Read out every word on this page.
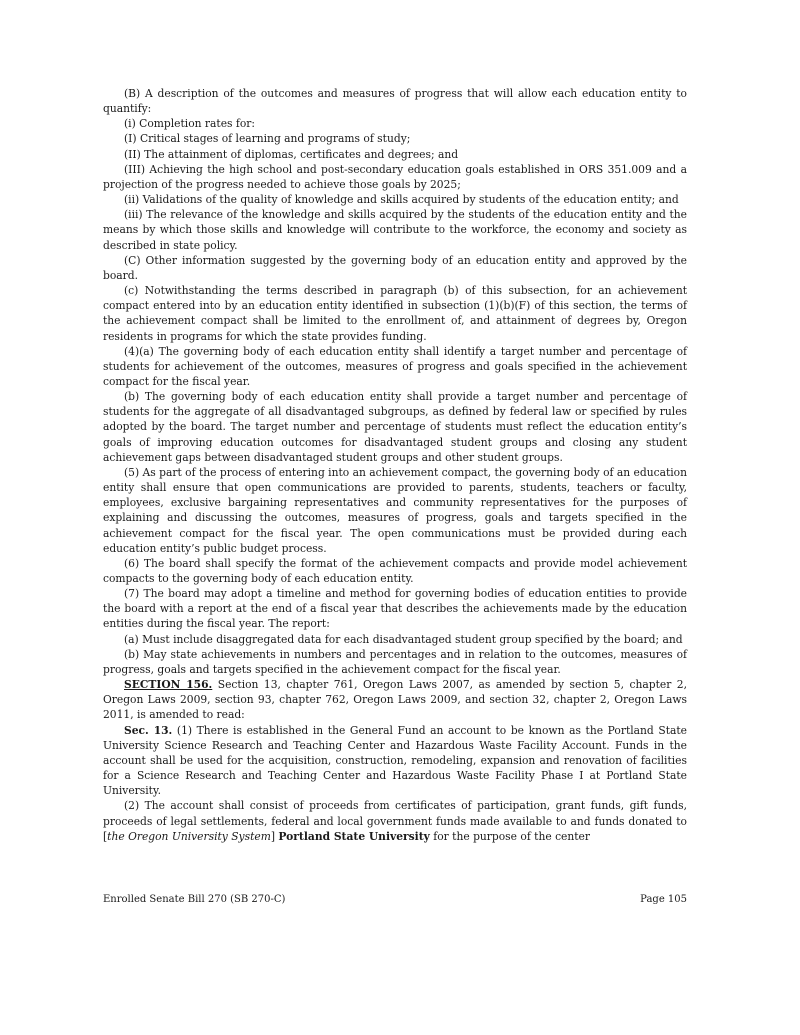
(B) A description of the outcomes and measures of progress that will allow each education entity to quantify:

(i) Completion rates for:

(I) Critical stages of learning and programs of study;

(II) The attainment of diplomas, certificates and degrees; and

(III) Achieving the high school and post-secondary education goals established in ORS 351.009 and a projection of the progress needed to achieve those goals by 2025;

(ii) Validations of the quality of knowledge and skills acquired by students of the education entity; and

(iii) The relevance of the knowledge and skills acquired by the students of the education entity and the means by which those skills and knowledge will contribute to the workforce, the economy and society as described in state policy.

(C) Other information suggested by the governing body of an education entity and approved by the board.

(c) Notwithstanding the terms described in paragraph (b) of this subsection, for an achievement compact entered into by an education entity identified in subsection (1)(b)(F) of this section, the terms of the achievement compact shall be limited to the enrollment of, and attainment of degrees by, Oregon residents in programs for which the state provides funding.

(4)(a) The governing body of each education entity shall identify a target number and percentage of students for achievement of the outcomes, measures of progress and goals specified in the achievement compact for the fiscal year.

(b) The governing body of each education entity shall provide a target number and percentage of students for the aggregate of all disadvantaged subgroups, as defined by federal law or specified by rules adopted by the board. The target number and percentage of students must reflect the education entity’s goals of improving education outcomes for disadvantaged student groups and closing any student achievement gaps between disadvantaged student groups and other student groups.

(5) As part of the process of entering into an achievement compact, the governing body of an education entity shall ensure that open communications are provided to parents, students, teachers or faculty, employees, exclusive bargaining representatives and community representatives for the purposes of explaining and discussing the outcomes, measures of progress, goals and targets specified in the achievement compact for the fiscal year. The open communications must be provided during each education entity’s public budget process.

(6) The board shall specify the format of the achievement compacts and provide model achievement compacts to the governing body of each education entity.

(7) The board may adopt a timeline and method for governing bodies of education entities to provide the board with a report at the end of a fiscal year that describes the achievements made by the education entities during the fiscal year. The report:

(a) Must include disaggregated data for each disadvantaged student group specified by the board; and

(b) May state achievements in numbers and percentages and in relation to the outcomes, measures of progress, goals and targets specified in the achievement compact for the fiscal year.

SECTION 156. Section 13, chapter 761, Oregon Laws 2007, as amended by section 5, chapter 2, Oregon Laws 2009, section 93, chapter 762, Oregon Laws 2009, and section 32, chapter 2, Oregon Laws 2011, is amended to read:

Sec. 13. (1) There is established in the General Fund an account to be known as the Portland State University Science Research and Teaching Center and Hazardous Waste Facility Account. Funds in the account shall be used for the acquisition, construction, remodeling, expansion and renovation of facilities for a Science Research and Teaching Center and Hazardous Waste Facility Phase I at Portland State University.

(2) The account shall consist of proceeds from certificates of participation, grant funds, gift funds, proceeds of legal settlements, federal and local government funds made available to and funds donated to [the Oregon University System] Portland State University for the purpose of the center

Enrolled Senate Bill 270 (SB 270-C)	Page 105
